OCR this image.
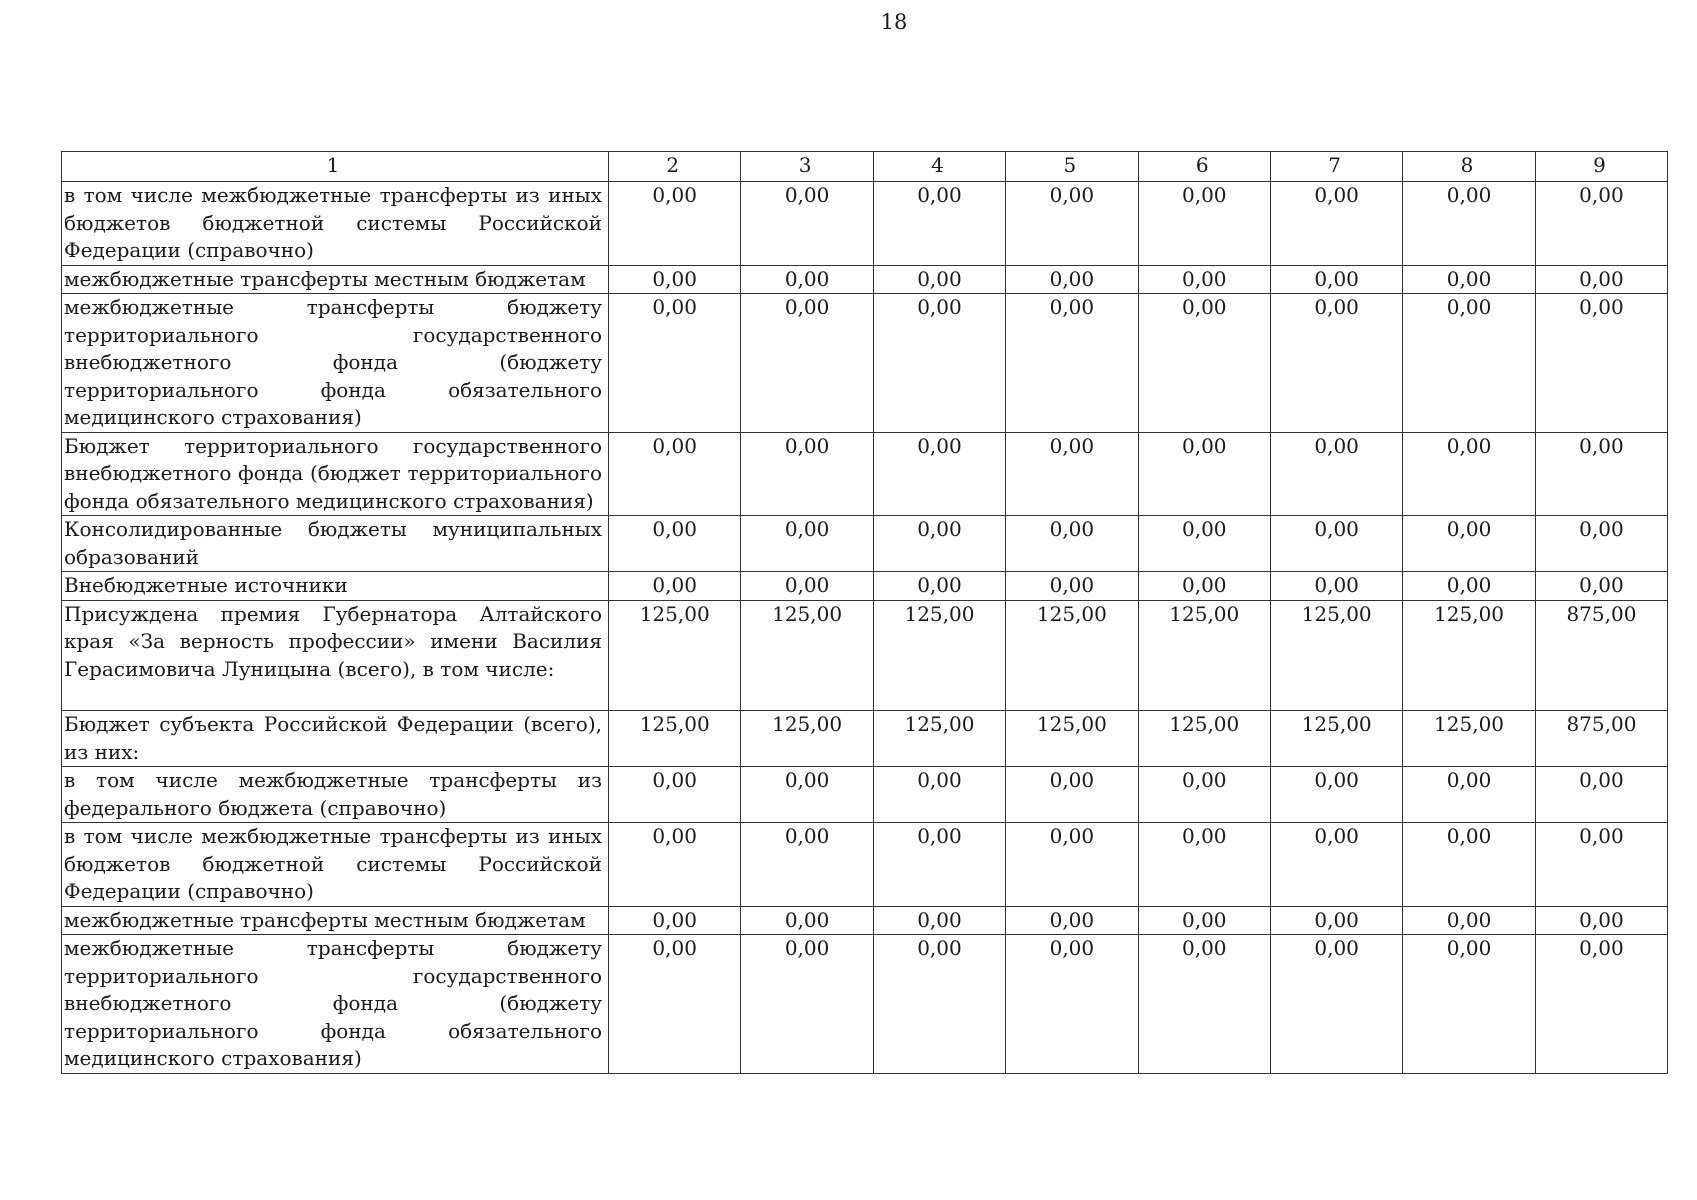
18
1	2	3	4	5	6	7	8	9
в том числе межбюджетные трансферты из иных бюджетов бюджетной системы Российской Федерации (справочно)	0,00	0,00	0,00	0,00	0,00	0,00	0,00	0,00
межбюджетные трансферты местным бюджетам	0,00	0,00	0,00	0,00	0,00	0,00	0,00	0,00
межбюджетные трансферты бюджету территориального государственного внебюджетного фонда (бюджету территориального фонда обязательного медицинского страхования)	0,00	0,00	0,00	0,00	0,00	0,00	0,00	0,00
Бюджет территориального государственного внебюджетного фонда (бюджет территориального фонда обязательного медицинского страхования)	0,00	0,00	0,00	0,00	0,00	0,00	0,00	0,00
Консолидированные бюджеты муниципальных образований	0,00	0,00	0,00	0,00	0,00	0,00	0,00	0,00
Внебюджетные источники	0,00	0,00	0,00	0,00	0,00	0,00	0,00	0,00
Присуждена премия Губернатора Алтайского края «За верность профессии» имени Василия Герасимовича Луницына (всего), в том числе:	125,00	125,00	125,00	125,00	125,00	125,00	125,00	875,00
Бюджет субъекта Российской Федерации (всего), из них:	125,00	125,00	125,00	125,00	125,00	125,00	125,00	875,00
в том числе межбюджетные трансферты из федерального бюджета (справочно)	0,00	0,00	0,00	0,00	0,00	0,00	0,00	0,00
в том числе межбюджетные трансферты из иных бюджетов бюджетной системы Российской Федерации (справочно)	0,00	0,00	0,00	0,00	0,00	0,00	0,00	0,00
межбюджетные трансферты местным бюджетам	0,00	0,00	0,00	0,00	0,00	0,00	0,00	0,00
межбюджетные трансферты бюджету территориального государственного внебюджетного фонда (бюджету территориального фонда обязательного медицинского страхования)	0,00	0,00	0,00	0,00	0,00	0,00	0,00	0,00
